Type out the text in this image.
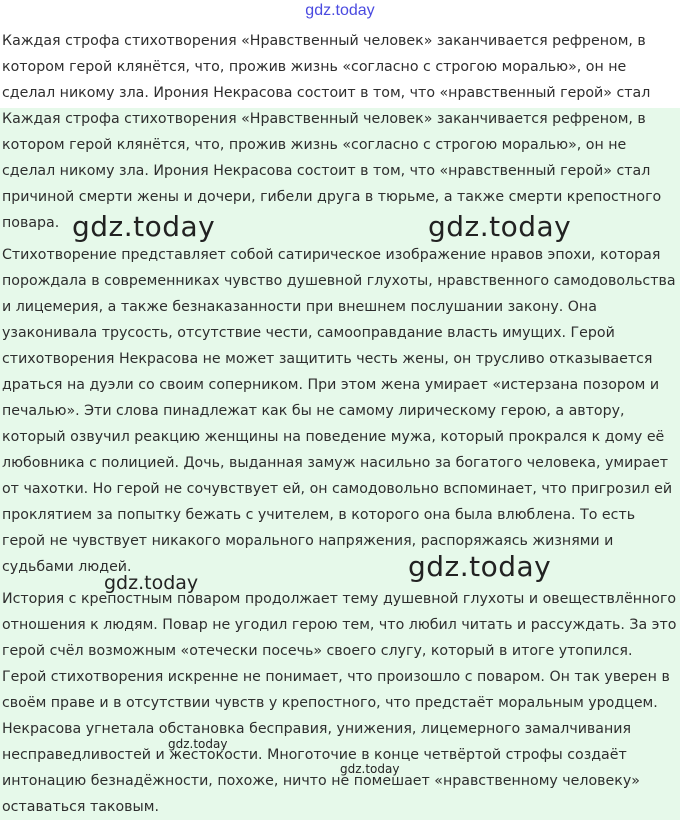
gdz.today

Каждая строфа стихотворения «Нравственный человек» заканчивается рефреном, в котором герой клянётся, что, прожив жизнь «согласно с строгою моралью», он не сделал никому зла. Ирония Некрасова состоит в том, что «нравственный герой» стал

Каждая строфа стихотворения «Нравственный человек» заканчивается рефреном, в котором герой клянётся, что, прожив жизнь «согласно с строгою моралью», он не сделал никому зла. Ирония Некрасова состоит в том, что «нравственный герой» стал причиной смерти жены и дочери, гибели друга в тюрьме, а также смерти крепостного повара.

Стихотворение представляет собой сатирическое изображение нравов эпохи, которая порождала в современниках чувство душевной глухоты, нравственного самодовольства и лицемерия, а также безнаказанности при внешнем послушании закону. Она узаконивала трусость, отсутствие чести, самооправдание власть имущих. Герой стихотворения Некрасова не может защитить честь жены, он трусливо отказывается драться на дуэли со своим соперником. При этом жена умирает «истерзана позором и печалью». Эти слова пинадлежат как бы не самому лирическому герою, а автору, который озвучил реакцию женщины на поведение мужа, который прокрался к дому её любовника с полицией. Дочь, выданная замуж насильно за богатого человека, умирает от чахотки. Но герой не сочувствует ей, он самодовольно вспоминает, что пригрозил ей проклятием за попытку бежать с учителем, в которого она была влюблена. То есть герой не чувствует никакого морального напряжения, распоряжаясь жизнями и судьбами людей.

История с крепостным поваром продолжает тему душевной глухоты и овеществлённого отношения к людям. Повар не угодил герою тем, что любил читать и рассуждать. За это герой счёл возможным «отечески посечь» своего слугу, который в итоге утопился. Герой стихотворения искренне не понимает, что произошло с поваром. Он так уверен в своём праве и в отсутствии чувств у крепостного, что предстаёт моральным уродцем. Некрасова угнетала обстановка бесправия, унижения, лицемерного замалчивания несправедливостей и жестокости. Многоточие в конце четвёртой строфы создаёт интонацию безнадёжности, похоже, ничто не помешает «нравственному человеку» оставаться таковым.

gdz.today	gdz.today
gdz.today
gdz.today
gdz.today
gdz.today
